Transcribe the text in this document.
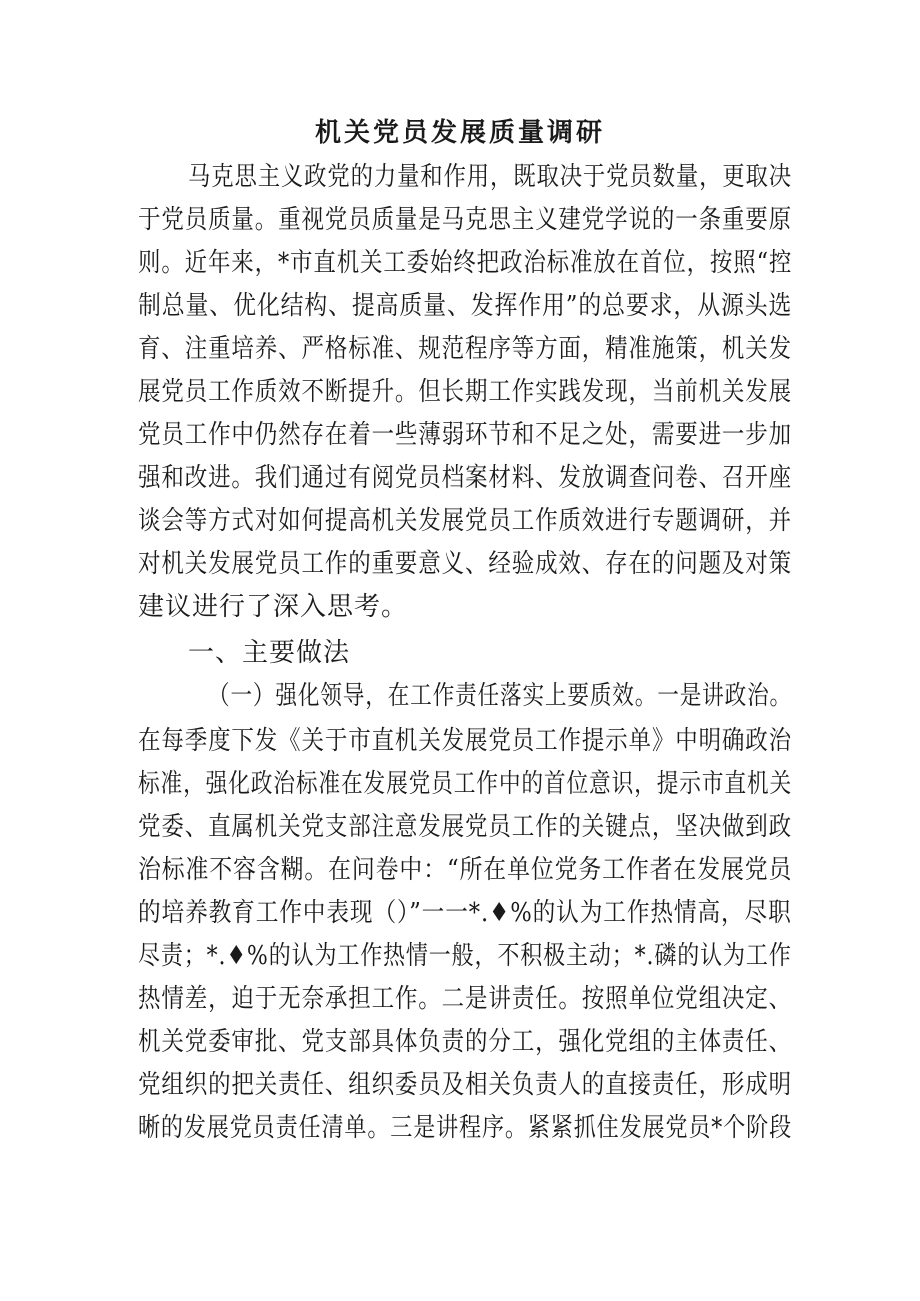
机关党员发展质量调研
马克思主义政党的力量和作用，既取决于党员数量，更取决
于党员质量。重视党员质量是马克思主义建党学说的一条重要原
则。近年来，*市直机关工委始终把政治标准放在首位，按照“控
制总量、优化结构、提高质量、发挥作用”的总要求，从源头选
育、注重培养、严格标准、规范程序等方面，精准施策，机关发
展党员工作质效不断提升。但长期工作实践发现，当前机关发展
党员工作中仍然存在着一些薄弱环节和不足之处，需要进一步加
强和改进。我们通过有阅党员档案材料、发放调查问卷、召开座
谈会等方式对如何提高机关发展党员工作质效进行专题调研，并
对机关发展党员工作的重要意义、经验成效、存在的问题及对策
建议进行了深入思考。
一、主要做法
（一）强化领导，在工作责任落实上要质效。一是讲政治。
在每季度下发《关于市直机关发展党员工作提示单》中明确政治
标准，强化政治标准在发展党员工作中的首位意识，提示市直机关
党委、直属机关党支部注意发展党员工作的关键点，坚决做到政
治标准不容含糊。在问卷中：“所在单位党务工作者在发展党员
的培养教育工作中表现（）”一一*.♦%的认为工作热情高，尽职
尽责；*.♦%的认为工作热情一般，不积极主动；*.磷的认为工作
热情差，迫于无奈承担工作。二是讲责任。按照单位党组决定、
机关党委审批、党支部具体负责的分工，强化党组的主体责任、
党组织的把关责任、组织委员及相关负责人的直接责任，形成明
晰的发展党员责任清单。三是讲程序。紧紧抓住发展党员*个阶段
